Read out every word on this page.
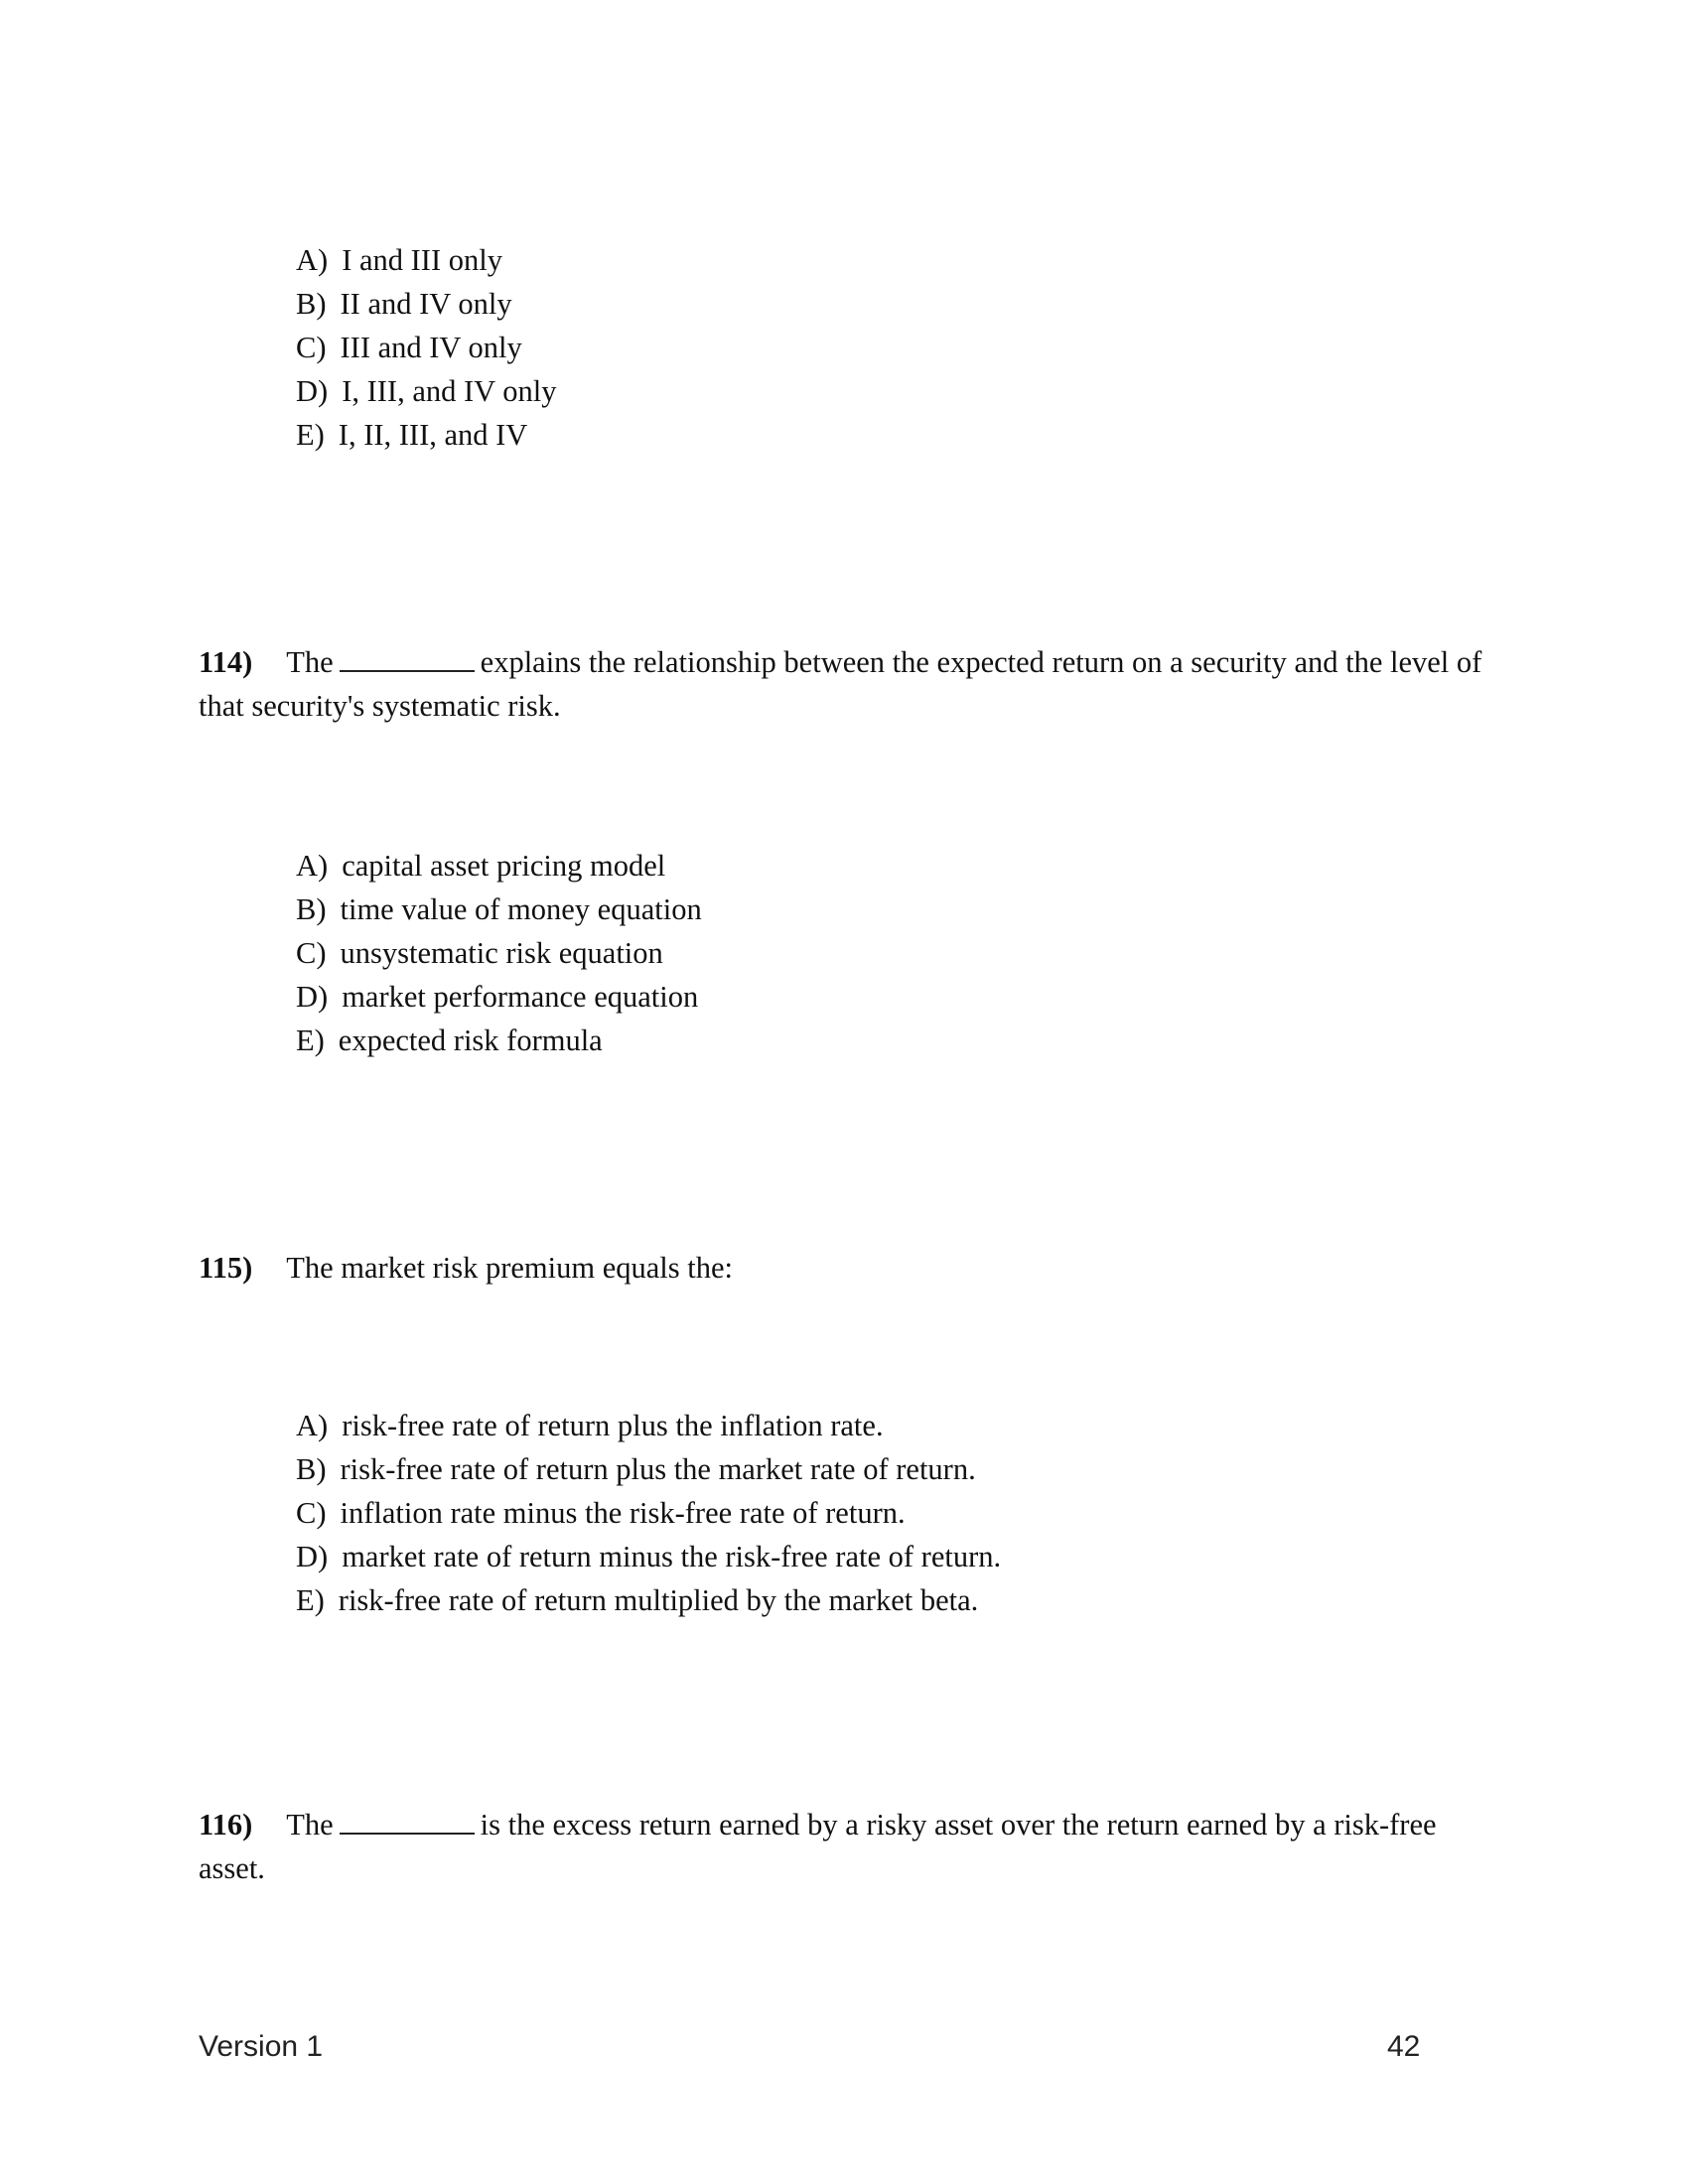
A) I and III only
B) II and IV only
C) III and IV only
D) I, III, and IV only
E) I, II, III, and IV

114) The	explains the relationship between the expected return on a security and the level of that security's systematic risk.

A) capital asset pricing model
B) time value of money equation
C) unsystematic risk equation
D) market performance equation
E) expected risk formula

115) The market risk premium equals the:

A) risk-free rate of return plus the inflation rate.
B) risk-free rate of return plus the market rate of return.
C) inflation rate minus the risk-free rate of return.
D) market rate of return minus the risk-free rate of return.
E) risk-free rate of return multiplied by the market beta.

116) The	is the excess return earned by a risky asset over the return earned by a risk-free asset.

Version 1	42
